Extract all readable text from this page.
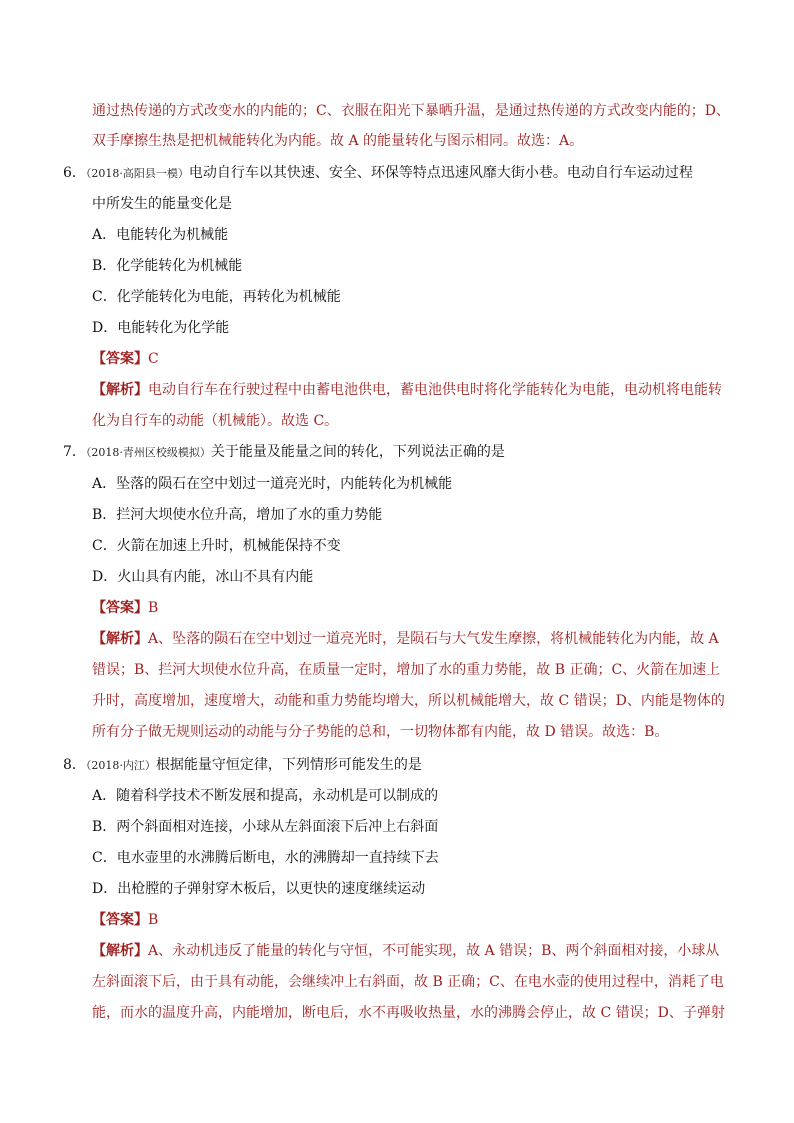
通过热传递的方式改变水的内能的；C、衣服在阳光下暴晒升温，是通过热传递的方式改变内能的；D、
双手摩擦生热是把机械能转化为内能。故 A 的能量转化与图示相同。故选：A。
6．（2018·高阳县一模）电动自行车以其快速、安全、环保等特点迅速风靡大街小巷。电动自行车运动过程
中所发生的能量变化是
A．电能转化为机械能
B．化学能转化为机械能
C．化学能转化为电能，再转化为机械能
D．电能转化为化学能
【答案】C
【解析】电动自行车在行驶过程中由蓄电池供电，蓄电池供电时将化学能转化为电能，电动机将电能转
化为自行车的动能（机械能）。故选 C。
7．（2018·青州区校级模拟）关于能量及能量之间的转化，下列说法正确的是
A．坠落的陨石在空中划过一道亮光时，内能转化为机械能
B．拦河大坝使水位升高，增加了水的重力势能
C．火箭在加速上升时，机械能保持不变
D．火山具有内能，冰山不具有内能
【答案】B
【解析】A、坠落的陨石在空中划过一道亮光时，是陨石与大气发生摩擦，将机械能转化为内能，故 A
错误；B、拦河大坝使水位升高，在质量一定时，增加了水的重力势能，故 B 正确；C、火箭在加速上
升时，高度增加，速度增大，动能和重力势能均增大，所以机械能增大，故 C 错误；D、内能是物体的
所有分子做无规则运动的动能与分子势能的总和，一切物体都有内能，故 D 错误。故选：B。
8．（2018·内江）根据能量守恒定律，下列情形可能发生的是
A．随着科学技术不断发展和提高，永动机是可以制成的
B．两个斜面相对连接，小球从左斜面滚下后冲上右斜面
C．电水壶里的水沸腾后断电，水的沸腾却一直持续下去
D．出枪膛的子弹射穿木板后，以更快的速度继续运动
【答案】B
【解析】A、永动机违反了能量的转化与守恒，不可能实现，故 A 错误；B、两个斜面相对接，小球从
左斜面滚下后，由于具有动能，会继续冲上右斜面，故 B 正确；C、在电水壶的使用过程中，消耗了电
能，而水的温度升高，内能增加，断电后，水不再吸收热量，水的沸腾会停止，故 C 错误；D、子弹射
